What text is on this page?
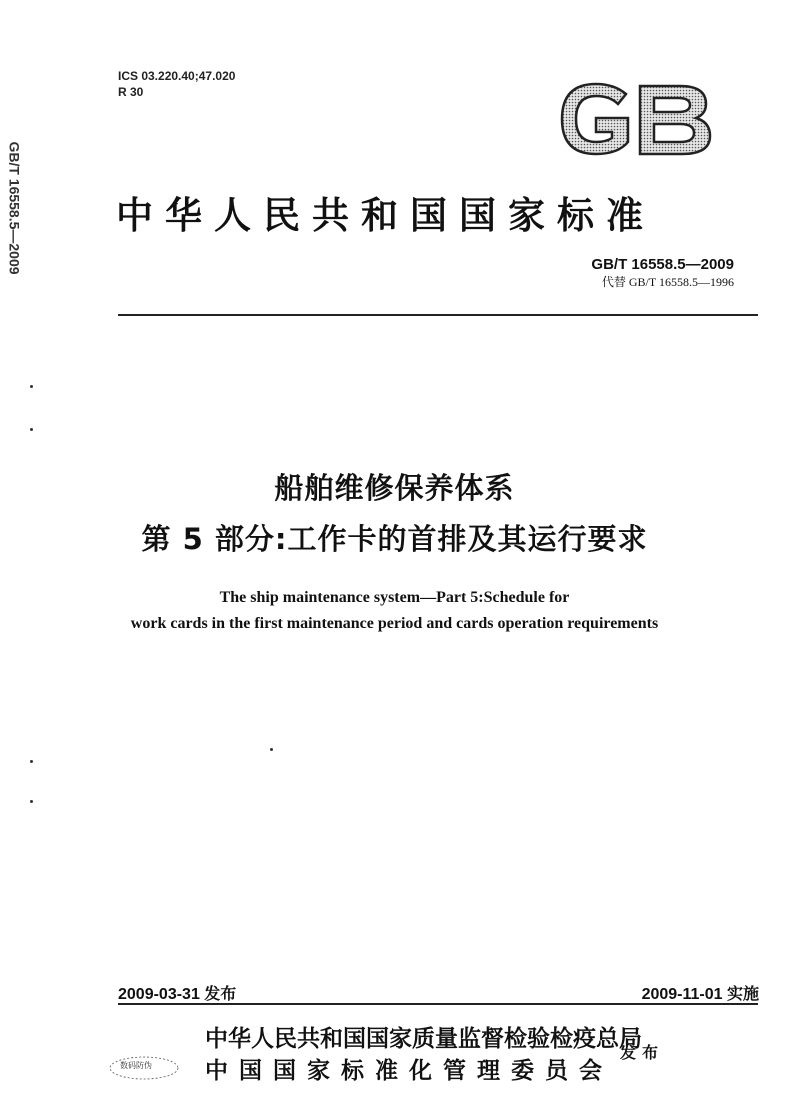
ICS 03.220.40;47.020
R 30
中华人民共和国国家标准
GB/T 16558.5—2009
代替 GB/T 16558.5—1996
GB/T 16558.5—2009
船舶维修保养体系
第 5 部分:工作卡的首排及其运行要求
The ship maintenance system—Part 5:Schedule for
work cards in the first maintenance period and cards operation requirements
2009-03-31 发布	2009-11-01 实施
数码防伪
中华人民共和国国家质量监督检验检疫总局
中国国家标准化管理委员会
发布
